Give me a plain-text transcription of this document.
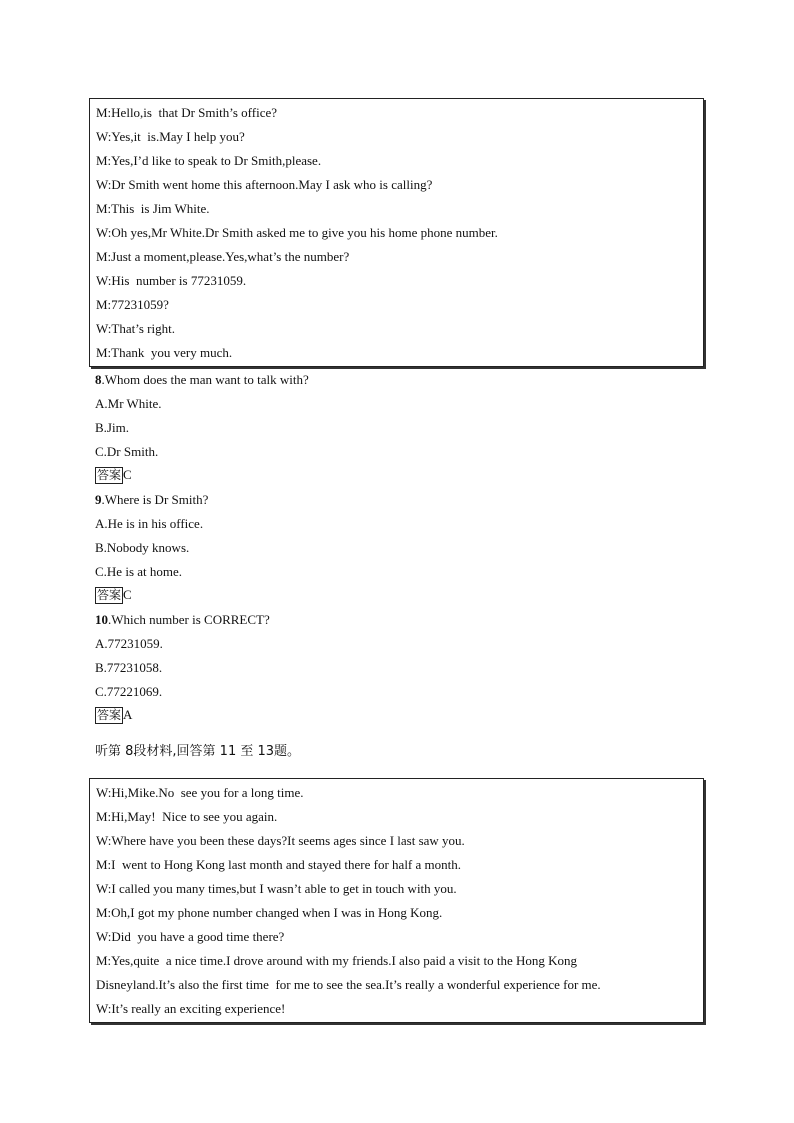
M:Hello,is  that Dr Smith’s office?
W:Yes,it  is.May I help you?
M:Yes,I’d like to speak to Dr Smith,please.
W:Dr Smith went home this afternoon.May I ask who is calling?
M:This  is Jim White.
W:Oh yes,Mr White.Dr Smith asked me to give you his home phone number.
M:Just a moment,please.Yes,what’s the number?
W:His  number is 77231059.
M:77231059?
W:That’s right.
M:Thank  you very much.
8.Whom does the man want to talk with?
A.Mr White.
B.Jim.
C.Dr Smith.
答案 C
9.Where is Dr Smith?
A.He is in his office.
B.Nobody knows.
C.He is at home.
答案 C
10.Which number is CORRECT?
A.77231059.
B.77231058.
C.77221069.
答案 A
听第 8段材料,回答第 11 至 13题。
W:Hi,Mike.No  see you for a long time.
M:Hi,May!  Nice to see you again.
W:Where have you been these days?It seems ages since I last saw you.
M:I  went to Hong Kong last month and stayed there for half a month.
W:I called you many times,but I wasn’t able to get in touch with you.
M:Oh,I got my phone number changed when I was in Hong Kong.
W:Did  you have a good time there?
M:Yes,quite  a nice time.I drove around with my friends.I also paid a visit to the Hong Kong
Disneyland.It’s also the first time  for me to see the sea.It’s really a wonderful experience for me.
W:It’s really an exciting experience!
